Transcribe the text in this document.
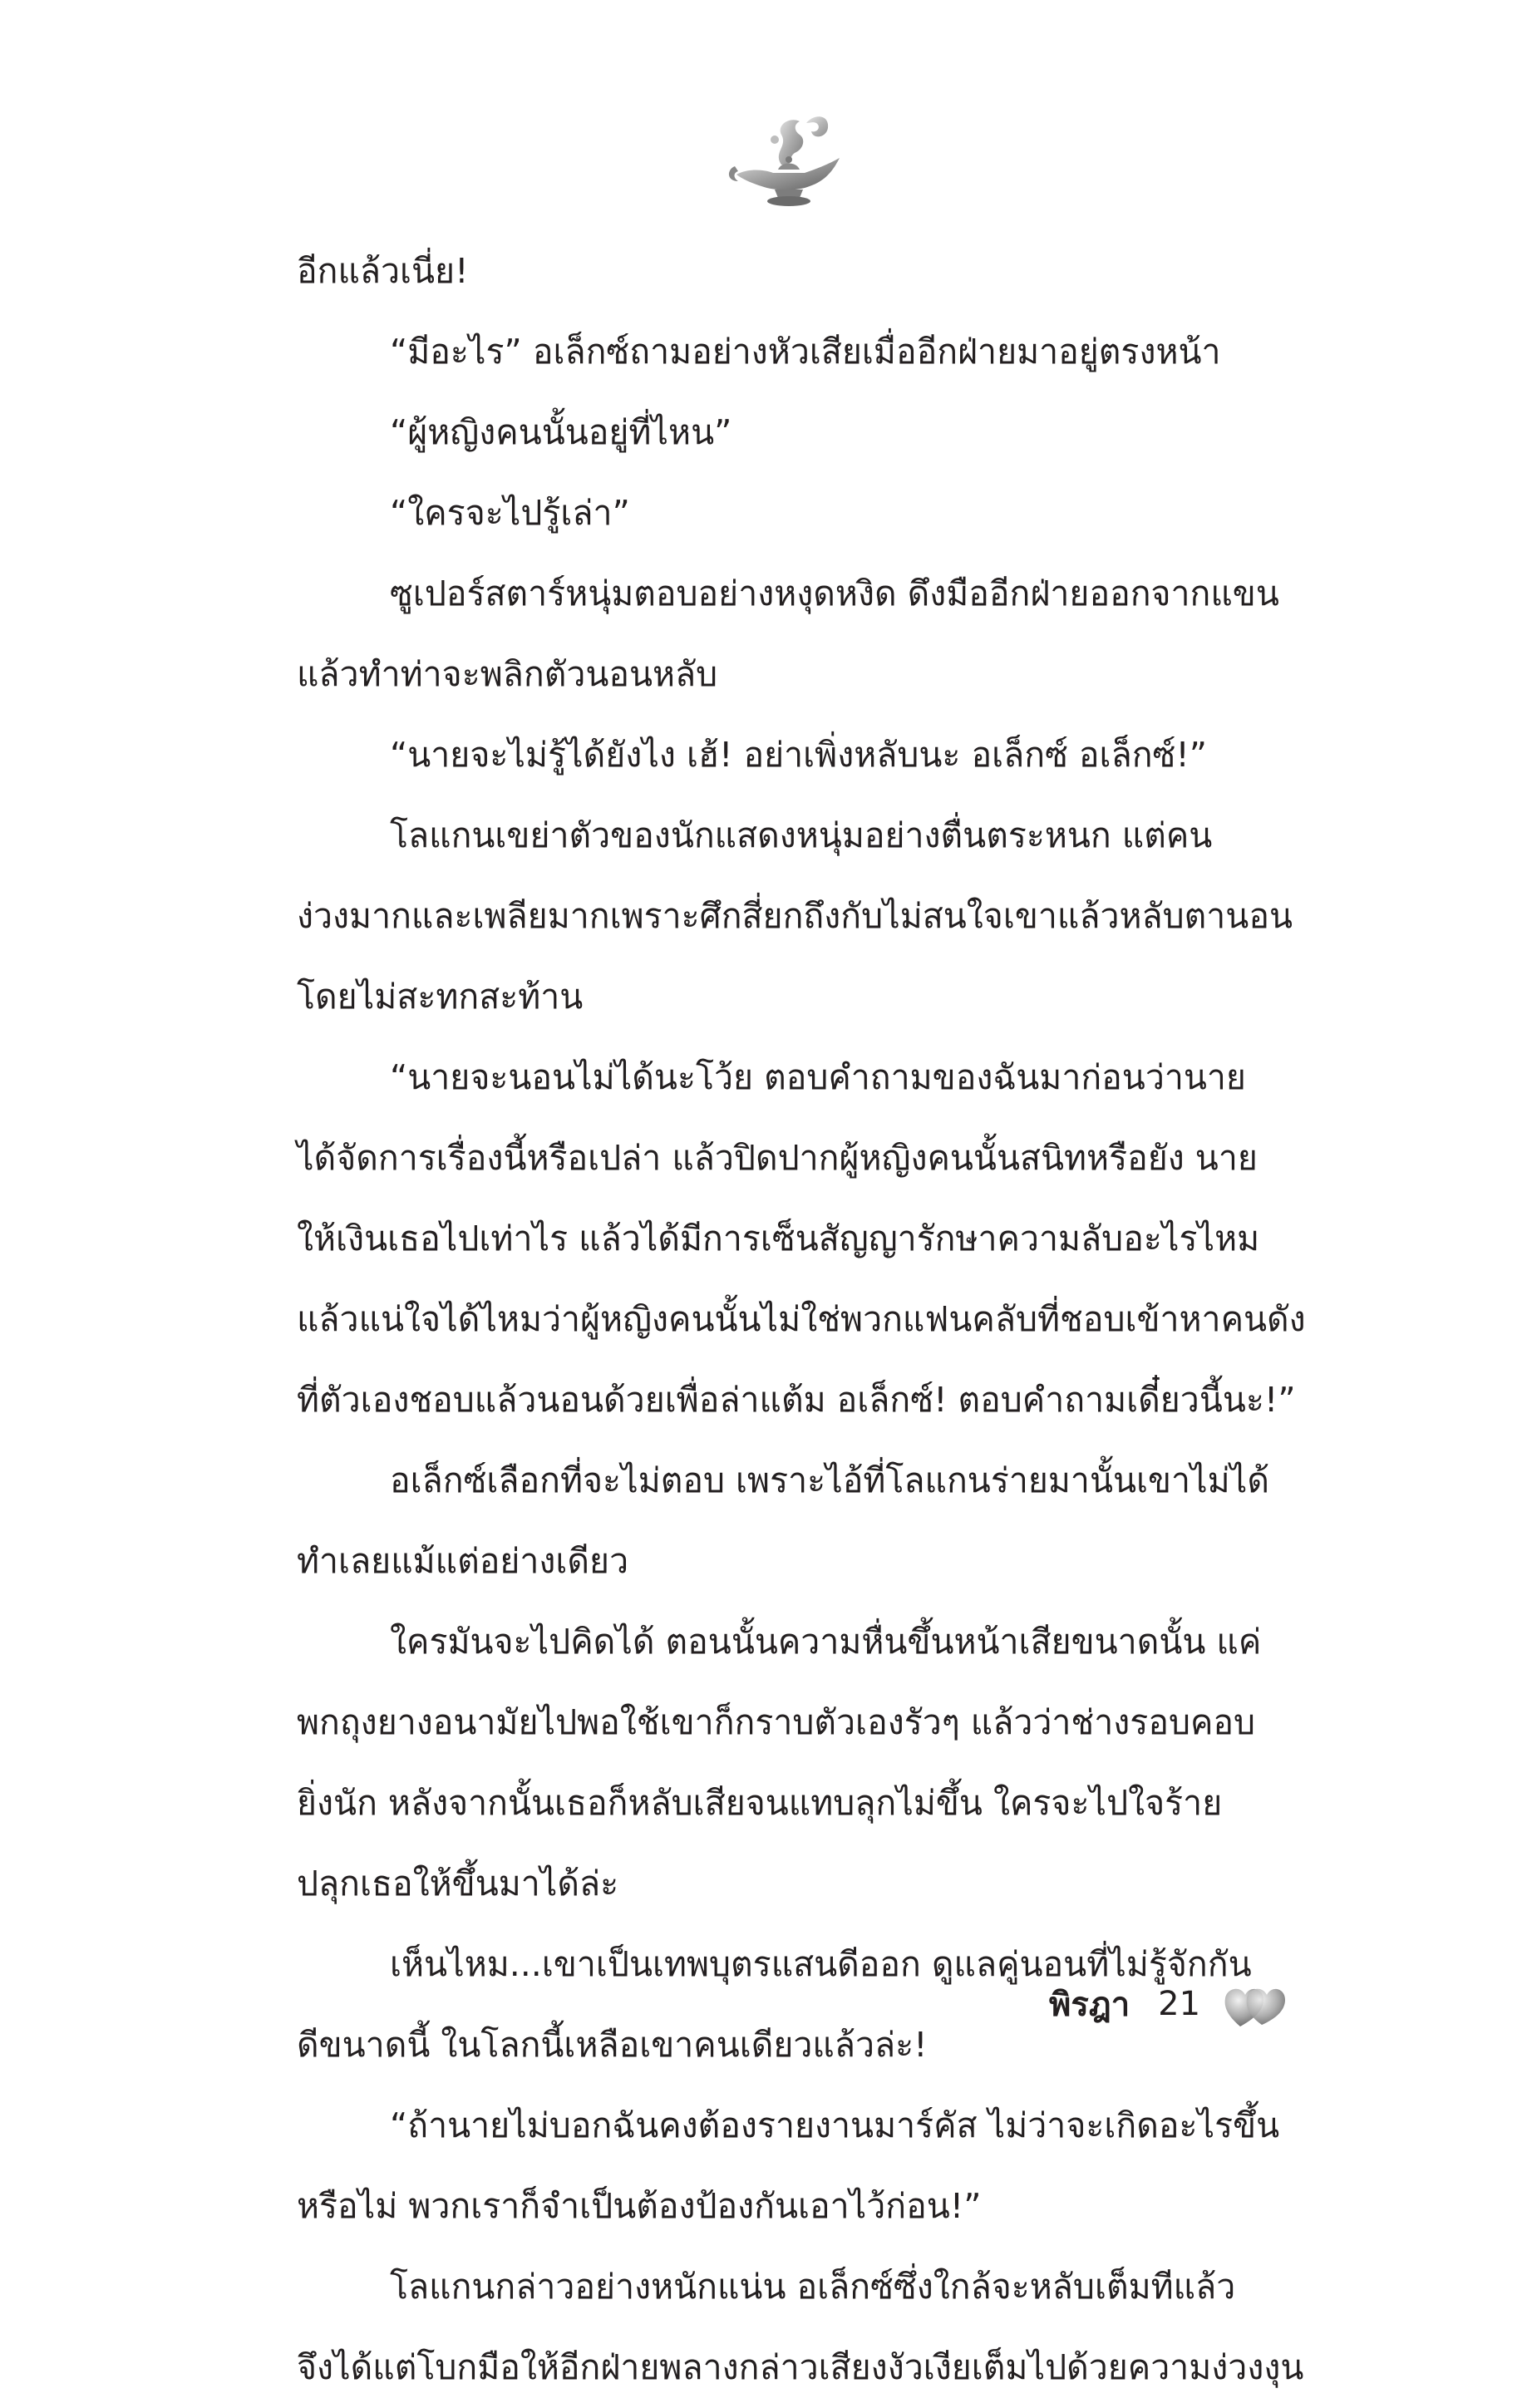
อีกแล้วเนี่ย!
“มีอะไร” อเล็กซ์ถามอย่างหัวเสียเมื่ออีกฝ่ายมาอยู่ตรงหน้า
“ผู้หญิงคนนั้นอยู่ที่ไหน”
“ใครจะไปรู้เล่า”
ซูเปอร์สตาร์หนุ่มตอบอย่างหงุดหงิด ดึงมืออีกฝ่ายออกจากแขน
แล้วทำท่าจะพลิกตัวนอนหลับ
“นายจะไม่รู้ได้ยังไง เฮ้! อย่าเพิ่งหลับนะ อเล็กซ์ อเล็กซ์!”
โลแกนเขย่าตัวของนักแสดงหนุ่มอย่างตื่นตระหนก แต่คน
ง่วงมากและเพลียมากเพราะศึกสี่ยกถึงกับไม่สนใจเขาแล้วหลับตานอน
โดยไม่สะทกสะท้าน
“นายจะนอนไม่ได้นะโว้ย ตอบคำถามของฉันมาก่อนว่านาย
ได้จัดการเรื่องนี้หรือเปล่า แล้วปิดปากผู้หญิงคนนั้นสนิทหรือยัง นาย
ให้เงินเธอไปเท่าไร แล้วได้มีการเซ็นสัญญารักษาความลับอะไรไหม
แล้วแน่ใจได้ไหมว่าผู้หญิงคนนั้นไม่ใช่พวกแฟนคลับที่ชอบเข้าหาคนดัง
ที่ตัวเองชอบแล้วนอนด้วยเพื่อล่าแต้ม อเล็กซ์! ตอบคำถามเดี๋ยวนี้นะ!”
อเล็กซ์เลือกที่จะไม่ตอบ เพราะไอ้ที่โลแกนร่ายมานั้นเขาไม่ได้
ทำเลยแม้แต่อย่างเดียว
ใครมันจะไปคิดได้ ตอนนั้นความหื่นขึ้นหน้าเสียขนาดนั้น แค่
พกถุงยางอนามัยไปพอใช้เขาก็กราบตัวเองรัวๆ แล้วว่าช่างรอบคอบ
ยิ่งนัก หลังจากนั้นเธอก็หลับเสียจนแทบลุกไม่ขึ้น ใครจะไปใจร้าย
ปลุกเธอให้ขึ้นมาได้ล่ะ
เห็นไหม...เขาเป็นเทพบุตรแสนดีออก ดูแลคู่นอนที่ไม่รู้จักกัน
ดีขนาดนี้ ในโลกนี้เหลือเขาคนเดียวแล้วล่ะ!
“ถ้านายไม่บอกฉันคงต้องรายงานมาร์คัส ไม่ว่าจะเกิดอะไรขึ้น
หรือไม่ พวกเราก็จำเป็นต้องป้องกันเอาไว้ก่อน!”
โลแกนกล่าวอย่างหนักแน่น อเล็กซ์ซึ่งใกล้จะหลับเต็มทีแล้ว
จึงได้แต่โบกมือให้อีกฝ่ายพลางกล่าวเสียงงัวเงียเต็มไปด้วยความง่วงงุน
พิรฎา 21
